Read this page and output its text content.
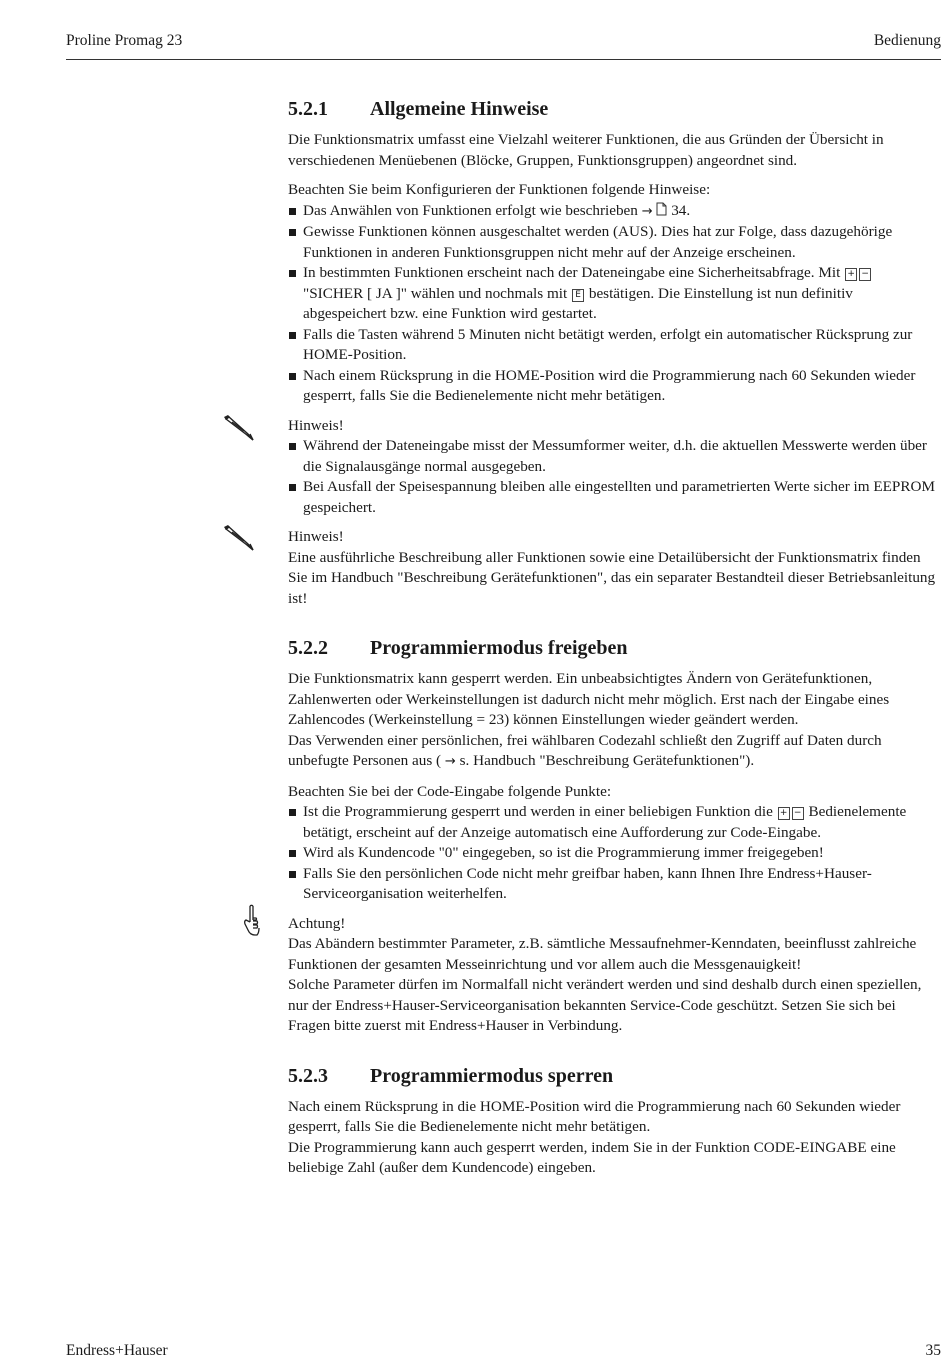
Proline Promag 23	Bedienung
5.2.1	Allgemeine Hinweise

Die Funktionsmatrix umfasst eine Vielzahl weiterer Funktionen, die aus Gründen der Übersicht in verschiedenen Menüebenen (Blöcke, Gruppen, Funktionsgruppen) angeordnet sind.

Beachten Sie beim Konfigurieren der Funktionen folgende Hinweise:

Das Anwählen von Funktionen erfolgt wie beschrieben → 34.
Gewisse Funktionen können ausgeschaltet werden (AUS). Dies hat zur Folge, dass dazugehörige Funktionen in anderen Funktionsgruppen nicht mehr auf der Anzeige erscheinen.
In bestimmten Funktionen erscheint nach der Dateneingabe eine Sicherheitsabfrage. Mit + −
"SICHER [ JA ]" wählen und nochmals mit E bestätigen. Die Einstellung ist nun definitiv abgespeichert bzw. eine Funktion wird gestartet.
Falls die Tasten während 5 Minuten nicht betätigt werden, erfolgt ein automatischer Rücksprung zur HOME-Position.
Nach einem Rücksprung in die HOME-Position wird die Programmierung nach 60 Sekunden wieder gesperrt, falls Sie die Bedienelemente nicht mehr betätigen.

Hinweis!

Während der Dateneingabe misst der Messumformer weiter, d.h. die aktuellen Messwerte werden über die Signalausgänge normal ausgegeben.
Bei Ausfall der Speisespannung bleiben alle eingestellten und parametrierten Werte sicher im EEPROM gespeichert.

Hinweis!

Eine ausführliche Beschreibung aller Funktionen sowie eine Detailübersicht der Funktionsmatrix finden Sie im Handbuch "Beschreibung Gerätefunktionen", das ein separater Bestandteil dieser Betriebsanleitung ist!

5.2.2	Programmiermodus freigeben

Die Funktionsmatrix kann gesperrt werden. Ein unbeabsichtigtes Ändern von Gerätefunktionen, Zahlenwerten oder Werkeinstellungen ist dadurch nicht mehr möglich. Erst nach der Eingabe eines Zahlencodes (Werkeinstellung = 23) können Einstellungen wieder geändert werden.

Das Verwenden einer persönlichen, frei wählbaren Codezahl schließt den Zugriff auf Daten durch unbefugte Personen aus ( → s. Handbuch "Beschreibung Gerätefunktionen").

Beachten Sie bei der Code-Eingabe folgende Punkte:

Ist die Programmierung gesperrt und werden in einer beliebigen Funktion die + − Bedienelemente betätigt, erscheint auf der Anzeige automatisch eine Aufforderung zur Code-Eingabe.
Wird als Kundencode "0" eingegeben, so ist die Programmierung immer freigegeben!
Falls Sie den persönlichen Code nicht mehr greifbar haben, kann Ihnen Ihre Endress+Hauser-Serviceorganisation weiterhelfen.

Achtung!

Das Abändern bestimmter Parameter, z.B. sämtliche Messaufnehmer-Kenndaten, beeinflusst zahlreiche Funktionen der gesamten Messeinrichtung und vor allem auch die Messgenauigkeit!

Solche Parameter dürfen im Normalfall nicht verändert werden und sind deshalb durch einen speziellen, nur der Endress+Hauser-Serviceorganisation bekannten Service-Code geschützt. Setzen Sie sich bei Fragen bitte zuerst mit Endress+Hauser in Verbindung.

5.2.3	Programmiermodus sperren

Nach einem Rücksprung in die HOME-Position wird die Programmierung nach 60 Sekunden wieder gesperrt, falls Sie die Bedienelemente nicht mehr betätigen.

Die Programmierung kann auch gesperrt werden, indem Sie in der Funktion CODE-EINGABE eine beliebige Zahl (außer dem Kundencode) eingeben.

Endress+Hauser	35
